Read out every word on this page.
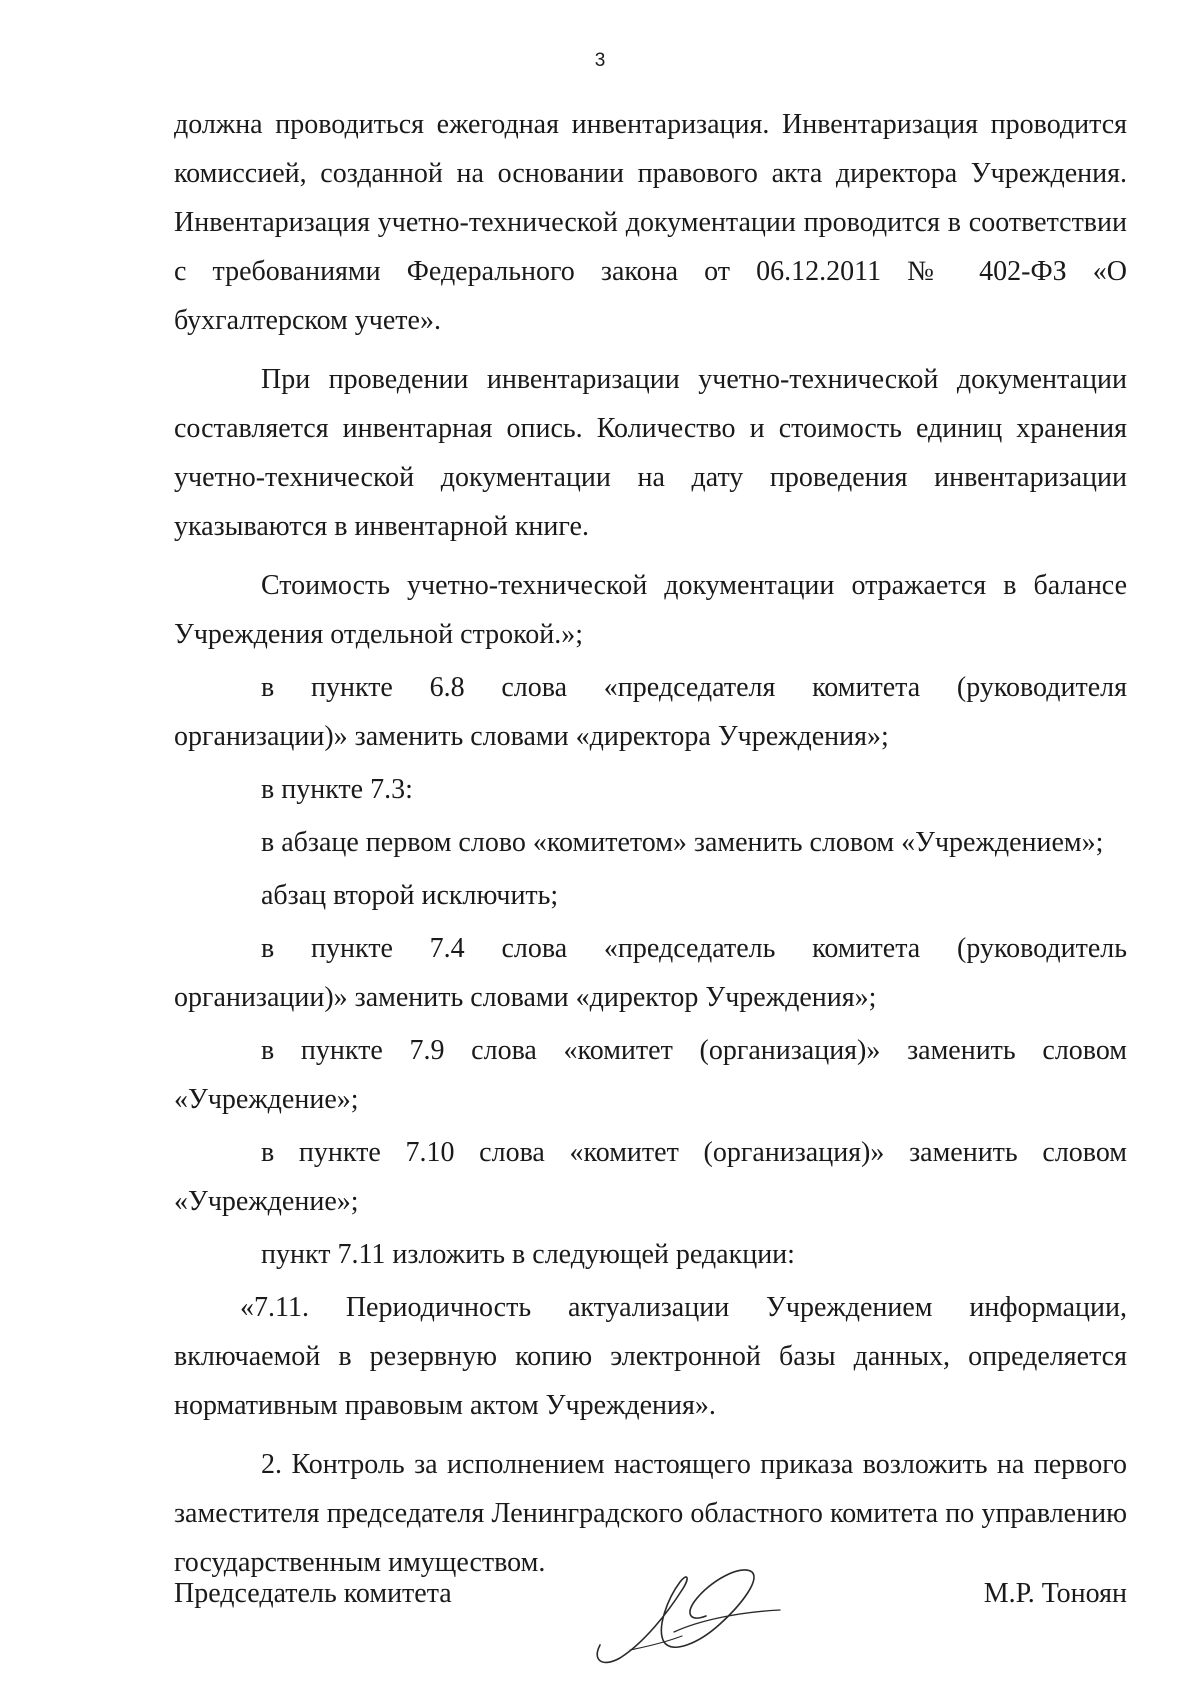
3

должна проводиться ежегодная инвентаризация. Инвентаризация проводится комиссией, созданной на основании правового акта директора Учреждения. Инвентаризация учетно-технической документации проводится в соответствии с требованиями Федерального закона от 06.12.2011 № 402-ФЗ «О бухгалтерском учете».

При проведении инвентаризации учетно-технической документации составляется инвентарная опись. Количество и стоимость единиц хранения учетно-технической документации на дату проведения инвентаризации указываются в инвентарной книге.

Стоимость учетно-технической документации отражается в балансе Учреждения отдельной строкой.»;

в пункте 6.8 слова «председателя комитета (руководителя организации)» заменить словами «директора Учреждения»;

в пункте 7.3:

в абзаце первом слово «комитетом» заменить словом «Учреждением»;

абзац второй исключить;

в пункте 7.4 слова «председатель комитета (руководитель организации)» заменить словами «директор Учреждения»;

в пункте 7.9 слова «комитет (организация)» заменить словом «Учреждение»;

в пункте 7.10 слова «комитет (организация)» заменить словом «Учреждение»;

пункт 7.11 изложить в следующей редакции:

«7.11. Периодичность актуализации Учреждением информации, включаемой в резервную копию электронной базы данных, определяется нормативным правовым актом Учреждения».

2. Контроль за исполнением настоящего приказа возложить на первого заместителя председателя Ленинградского областного комитета по управлению государственным имуществом.

Председатель комитета	М.Р. Тоноян
